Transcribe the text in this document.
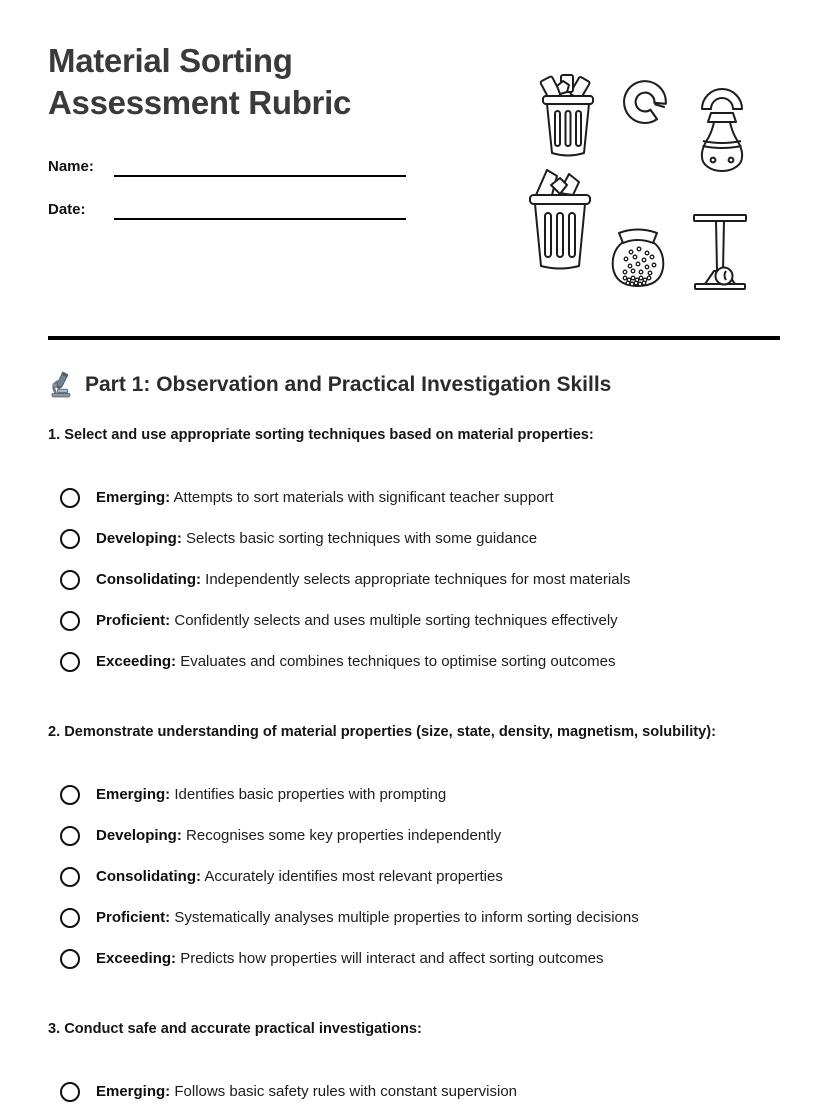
Material Sorting Assessment Rubric
Name:
Date:
Part 1: Observation and Practical Investigation Skills
1. Select and use appropriate sorting techniques based on material properties:
Emerging: Attempts to sort materials with significant teacher support
Developing: Selects basic sorting techniques with some guidance
Consolidating: Independently selects appropriate techniques for most materials
Proficient: Confidently selects and uses multiple sorting techniques effectively
Exceeding: Evaluates and combines techniques to optimise sorting outcomes
2. Demonstrate understanding of material properties (size, state, density, magnetism, solubility):
Emerging: Identifies basic properties with prompting
Developing: Recognises some key properties independently
Consolidating: Accurately identifies most relevant properties
Proficient: Systematically analyses multiple properties to inform sorting decisions
Exceeding: Predicts how properties will interact and affect sorting outcomes
3. Conduct safe and accurate practical investigations:
Emerging: Follows basic safety rules with constant supervision
